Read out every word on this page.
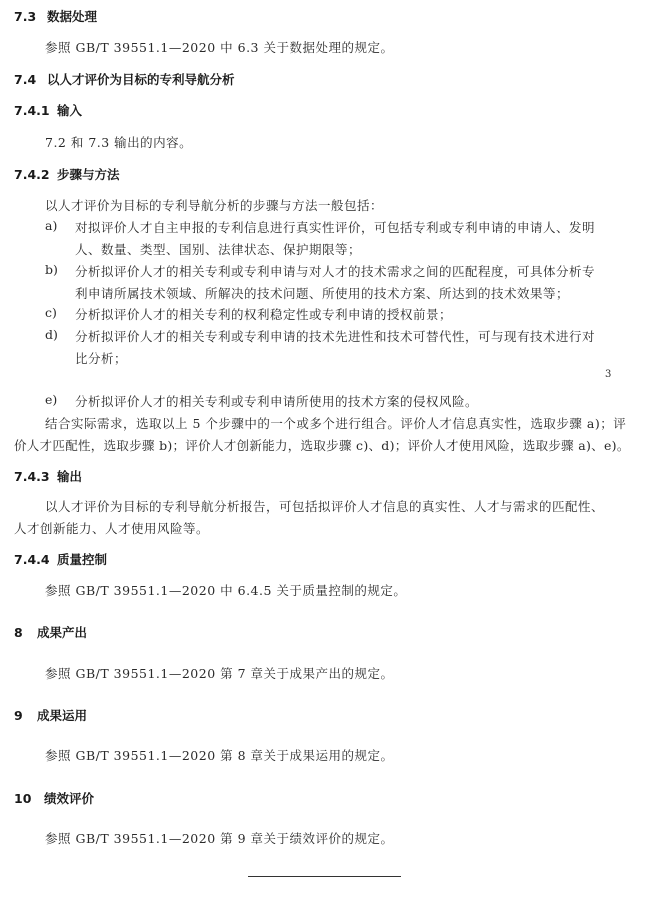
7.3 数据处理
参照 GB/T 39551.1—2020 中 6.3 关于数据处理的规定。
7.4 以人才评价为目标的专利导航分析
7.4.1 输入
7.2 和 7.3 输出的内容。
7.4.2 步骤与方法
以人才评价为目标的专利导航分析的步骤与方法一般包括：
a) 对拟评价人才自主申报的专利信息进行真实性评价，可包括专利或专利申请的申请人、发明
人、数量、类型、国别、法律状态、保护期限等；
b) 分析拟评价人才的相关专利或专利申请与对人才的技术需求之间的匹配程度，可具体分析专
利申请所属技术领域、所解决的技术问题、所使用的技术方案、所达到的技术效果等；
c) 分析拟评价人才的相关专利的权利稳定性或专利申请的授权前景；
d) 分析拟评价人才的相关专利或专利申请的技术先进性和技术可替代性，可与现有技术进行对
比分析；
3
e) 分析拟评价人才的相关专利或专利申请所使用的技术方案的侵权风险。
结合实际需求，选取以上 5 个步骤中的一个或多个进行组合。评价人才信息真实性，选取步骤 a)；评
价人才匹配性，选取步骤 b)；评价人才创新能力，选取步骤 c)、d)；评价人才使用风险，选取步骤 a)、e)。
7.4.3 输出
以人才评价为目标的专利导航分析报告，可包括拟评价人才信息的真实性、人才与需求的匹配性、
人才创新能力、人才使用风险等。
7.4.4 质量控制
参照 GB/T 39551.1—2020 中 6.4.5 关于质量控制的规定。
8 成果产出
参照 GB/T 39551.1—2020 第 7 章关于成果产出的规定。
9 成果运用
参照 GB/T 39551.1—2020 第 8 章关于成果运用的规定。
10 绩效评价
参照 GB/T 39551.1—2020 第 9 章关于绩效评价的规定。
